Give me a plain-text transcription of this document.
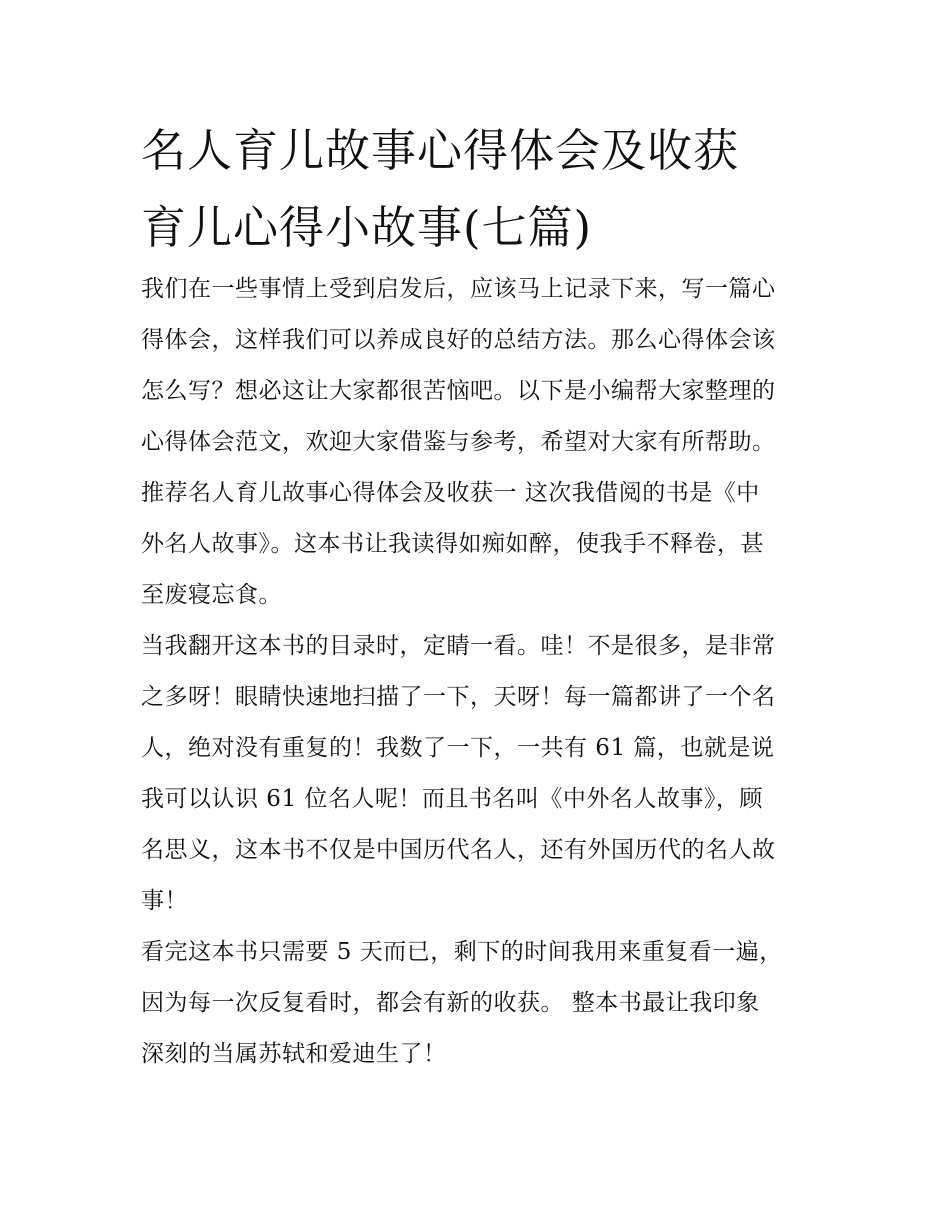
名人育儿故事心得体会及收获
育儿心得小故事(七篇)

我们在一些事情上受到启发后，应该马上记录下来，写一篇心

得体会，这样我们可以养成良好的总结方法。那么心得体会该

怎么写？想必这让大家都很苦恼吧。以下是小编帮大家整理的

心得体会范文，欢迎大家借鉴与参考，希望对大家有所帮助。

推荐名人育儿故事心得体会及收获一 这次我借阅的书是《中

外名人故事》。这本书让我读得如痴如醉，使我手不释卷，甚

至废寝忘食。

当我翻开这本书的目录时，定睛一看。哇！不是很多，是非常

之多呀！眼睛快速地扫描了一下，天呀！每一篇都讲了一个名

人，绝对没有重复的！我数了一下，一共有 61 篇，也就是说

我可以认识 61 位名人呢！而且书名叫《中外名人故事》，顾

名思义，这本书不仅是中国历代名人，还有外国历代的名人故

事！

看完这本书只需要 5 天而已，剩下的时间我用来重复看一遍，

因为每一次反复看时，都会有新的收获。 整本书最让我印象

深刻的当属苏轼和爱迪生了！
